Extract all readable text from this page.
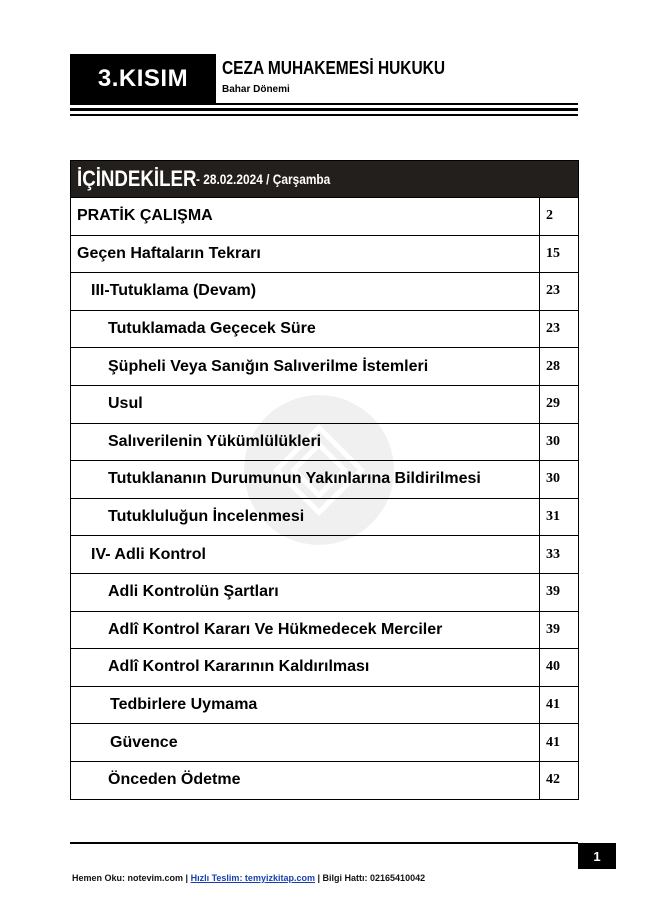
3.KISIM	CEZA MUHAKEMESİ HUKUKU
Bahar Dönemi
İÇİNDEKİLER - 28.02.2024 / Çarşamba
PRATİK ÇALIŞMA	2
Geçen Haftaların Tekrarı	15
III-Tutuklama (Devam)	23
Tutuklamada Geçecek Süre	23
Şüpheli Veya Sanığın Salıverilme İstemleri	28
Usul	29
Salıverilenin Yükümlülükleri	30
Tutuklananın Durumunun Yakınlarına Bildirilmesi	30
Tutukluluğun İncelenmesi	31
IV- Adli Kontrol	33
Adli Kontrolün Şartları	39
Adlî Kontrol Kararı Ve Hükmedecek Merciler	39
Adlî Kontrol Kararının Kaldırılması	40
Tedbirlere Uymama	41
Güvence	41
Önceden Ödetme	42
1
Hemen Oku: notevim.com | Hızlı Teslim: temyizkitap.com | Bilgi Hattı: 02165410042
